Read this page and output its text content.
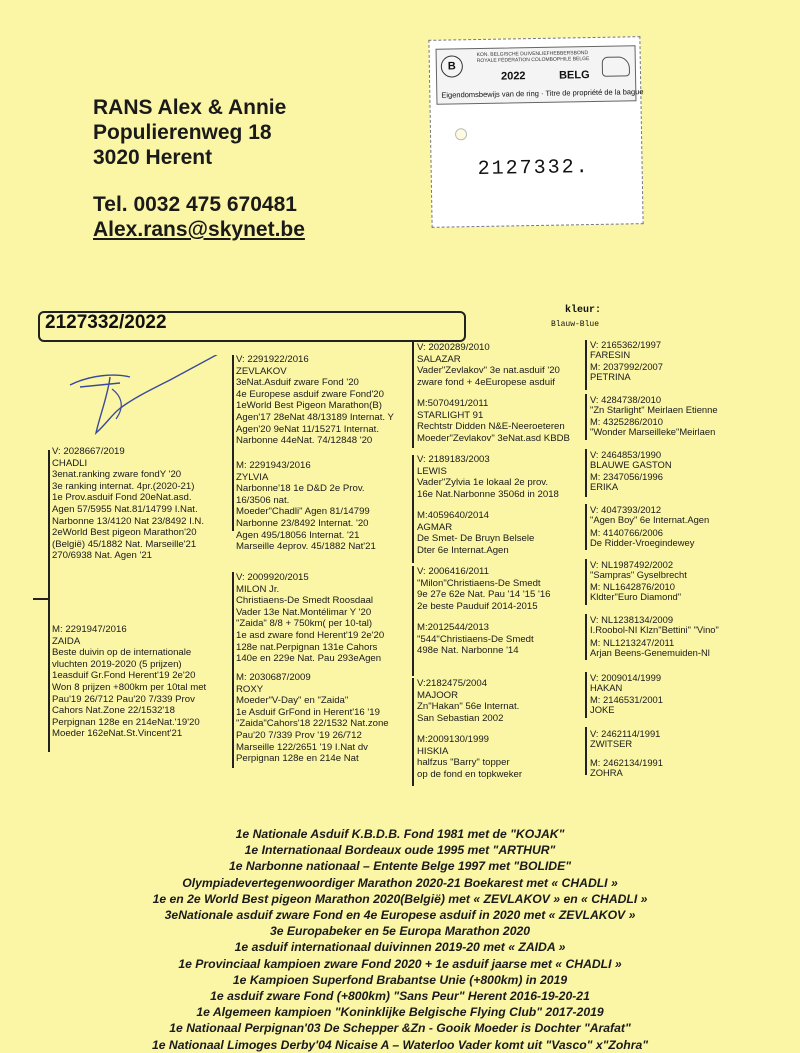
RANS Alex & Annie
Populierenweg 18
3020 Herent
Tel. 0032 475 670481
Alex.rans@skynet.be
B
KON. BELGISCHE DUIVENLIEFHEBBERSBOND
ROYALE FÉDÉRATION COLOMBOPHILE BELGE
2022	BELG
Eigendomsbewijs van de ring · Titre de propriété de la bague
2127332.
2127332/2022
kleur:
Blauw-Blue
V: 2028667/2019
CHADLI
3enat.ranking zware fondY '20
3e ranking internat. 4pr.(2020-21)
1e Prov.asduif Fond 20eNat.asd.
Agen 57/5955 Nat.81/14799 I.Nat.
Narbonne 13/4120 Nat 23/8492 I.N.
2eWorld Best pigeon Marathon'20
(België) 45/1882 Nat. Marseille'21
270/6938 Nat. Agen '21
M: 2291947/2016
ZAIDA
Beste duivin op de internationale
vluchten 2019-2020 (5 prijzen)
1easduif Gr.Fond Herent'19 2e'20
Won 8 prijzen +800km per 10tal met
Pau'19 26/712 Pau'20 7/339 Prov
Cahors Nat.Zone 22/1532'18
Perpignan 128e en 214eNat.'19'20
Moeder 162eNat.St.Vincent'21
V: 2291922/2016
ZEVLAKOV
3eNat.Asduif zware Fond '20
4e Europese asduif zware Fond'20
1eWorld Best Pigeon Marathon(B)
Agen'17 28eNat 48/13189 Internat. Y
Agen'20 9eNat 11/15271 Internat.
Narbonne 44eNat. 74/12848 '20
M: 2291943/2016
ZYLVIA
Narbonne'18 1e D&D 2e Prov.
16/3506 nat.
Moeder"Chadli" Agen 81/14799
Narbonne 23/8492 Internat. '20
Agen 495/18056 Internat. '21
Marseille 4eprov. 45/1882 Nat'21
V: 2009920/2015
MILON Jr.
Christiaens-De Smedt Roosdaal
Vader 13e Nat.Montélimar Y '20
"Zaida" 8/8 + 750km( per 10-tal)
1e asd zware fond Herent'19 2e'20
128e nat.Perpignan 131e Cahors
140e en 229e Nat. Pau 293eAgen
M: 2030687/2009
ROXY
Moeder"V-Day" en "Zaida"
1e Asduif GrFond in Herent'16 '19
"Zaida"Cahors'18 22/1532 Nat.zone
Pau'20 7/339 Prov '19 26/712
Marseille 122/2651 '19 I.Nat dv
Perpignan 128e en 214e Nat
V: 2020289/2010
SALAZAR
Vader"Zevlakov" 3e nat.asduif '20
zware fond + 4eEuropese asduif
M:5070491/2011
STARLIGHT 91
Rechtstr Didden N&E-Neeroeteren
Moeder"Zevlakov" 3eNat.asd KBDB
V: 2189183/2003
LEWIS
Vader"Zylvia 1e lokaal 2e prov.
16e Nat.Narbonne 3506d in 2018
M:4059640/2014
AGMAR
De Smet- De Bruyn Belsele
Dter 6e Internat.Agen
V: 2006416/2011
"Milon"Christiaens-De Smedt
9e 27e 62e Nat. Pau '14 '15 '16
2e beste Pauduif 2014-2015
M:2012544/2013
"544"Christiaens-De Smedt
498e Nat. Narbonne '14
V:2182475/2004
MAJOOR
Zn"Hakan" 56e Internat.
San Sebastian 2002
M:2009130/1999
HISKIA
halfzus "Barry" topper
op de fond en topkweker
V: 2165362/1997
FARESIN
M: 2037992/2007
PETRINA
V: 4284738/2010
"Zn Starlight" Meirlaen Etienne
M: 4325286/2010
"Wonder Marseilleke"Meirlaen
V: 2464853/1990
BLAUWE GASTON
M: 2347056/1996
ERIKA
V: 4047393/2012
"Agen Boy" 6e Internat.Agen
M: 4140766/2006
De Ridder-Vroegindewey
V: NL1987492/2002
"Sampras" Gyselbrecht
M: NL1642876/2010
Kldter"Euro Diamond"
V: NL1238134/2009
I.Roobol-NI Klzn"Bettini" "Vino"
M: NL1213247/2011
Arjan Beens-Genemuiden-Nl
V: 2009014/1999
HAKAN
M: 2146531/2001
JOKE
V: 2462114/1991
ZWITSER
M: 2462134/1991
ZOHRA
1e Nationale Asduif K.B.D.B. Fond 1981 met de "KOJAK"
1e Internationaal Bordeaux oude 1995 met "ARTHUR"
1e Narbonne nationaal – Entente Belge 1997 met "BOLIDE"
Olympiadevertegenwoordiger Marathon 2020-21 Boekarest met « CHADLI »
1e en 2e World Best pigeon Marathon 2020(België) met « ZEVLAKOV » en « CHADLI »
3eNationale asduif zware Fond en 4e Europese asduif in 2020 met « ZEVLAKOV »
3e Europabeker en 5e Europa Marathon 2020
1e asduif internationaal duivinnen 2019-20 met « ZAIDA »
1e Provinciaal kampioen zware Fond 2020 + 1e asduif jaarse met « CHADLI »
1e Kampioen Superfond Brabantse Unie (+800km) in 2019
1e asduif zware Fond (+800km) "Sans Peur" Herent 2016-19-20-21
1e Algemeen kampioen "Koninklijke Belgische Flying Club" 2017-2019
1e Nationaal Perpignan'03 De Schepper &Zn - Gooik Moeder is Dochter "Arafat"
1e Nationaal Limoges Derby'04 Nicaise A – Waterloo Vader komt uit "Vasco" x"Zohra"
